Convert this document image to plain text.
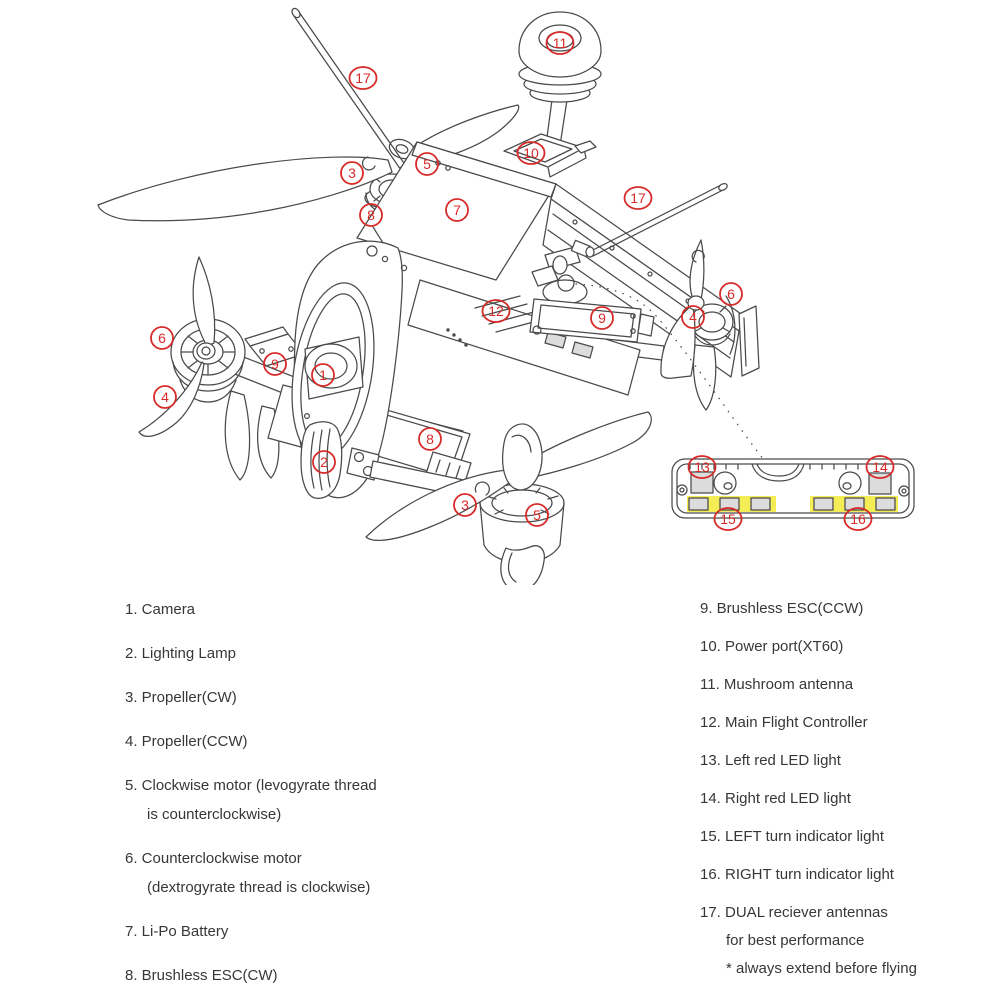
17
11
3
5
10
8	7
17
12
9
1
6
4
2
8
9	4
6
3
5
13	14
15	16
1. Camera
2. Lighting Lamp
3. Propeller(CW)
4. Propeller(CCW)
5. Clockwise motor (levogyrate thread
is counterclockwise)
6. Counterclockwise motor
(dextrogyrate thread is clockwise)
7. Li-Po Battery
8. Brushless ESC(CW)
9. Brushless ESC(CCW)
10. Power port(XT60)
11. Mushroom antenna
12. Main Flight Controller
13. Left red LED light
14. Right red LED light
15. LEFT turn indicator light
16. RIGHT turn indicator light
17. DUAL reciever antennas
for best performance
* always extend before flying
